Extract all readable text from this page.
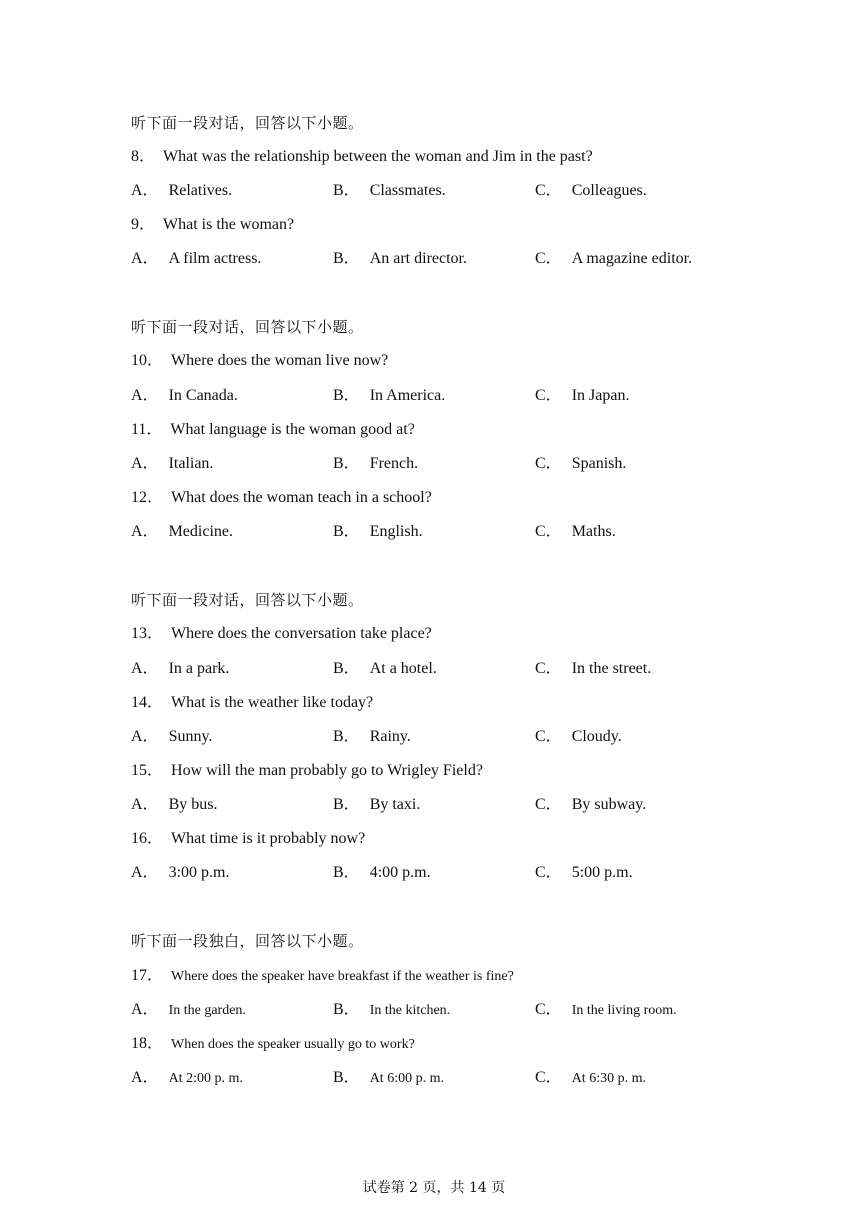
听下面一段对话，回答以下小题。
8． What was the relationship between the woman and Jim in the past?
A． Relatives.	B． Classmates.	C． Colleagues.
9． What is the woman?
A． A film actress.	B． An art director.	C． A magazine editor.
听下面一段对话，回答以下小题。
10． Where does the woman live now?
A． In Canada.	B． In America.	C． In Japan.
11． What language is the woman good at?
A． Italian.	B． French.	C． Spanish.
12． What does the woman teach in a school?
A． Medicine.	B． English.	C． Maths.
听下面一段对话，回答以下小题。
13． Where does the conversation take place?
A． In a park.	B． At a hotel.	C． In the street.
14． What is the weather like today?
A． Sunny.	B． Rainy.	C． Cloudy.
15． How will the man probably go to Wrigley Field?
A． By bus.	B． By taxi.	C． By subway.
16． What time is it probably now?
A． 3:00 p.m.	B． 4:00 p.m.	C． 5:00 p.m.
听下面一段独白，回答以下小题。
17． Where does the speaker have breakfast if the weather is fine?
A． In the garden.	B． In the kitchen.	C． In the living room.
18． When does the speaker usually go to work?
A． At 2:00 p. m.	B． At 6:00 p. m.	C． At 6:30 p. m.
试卷第 2 页，共 14 页
